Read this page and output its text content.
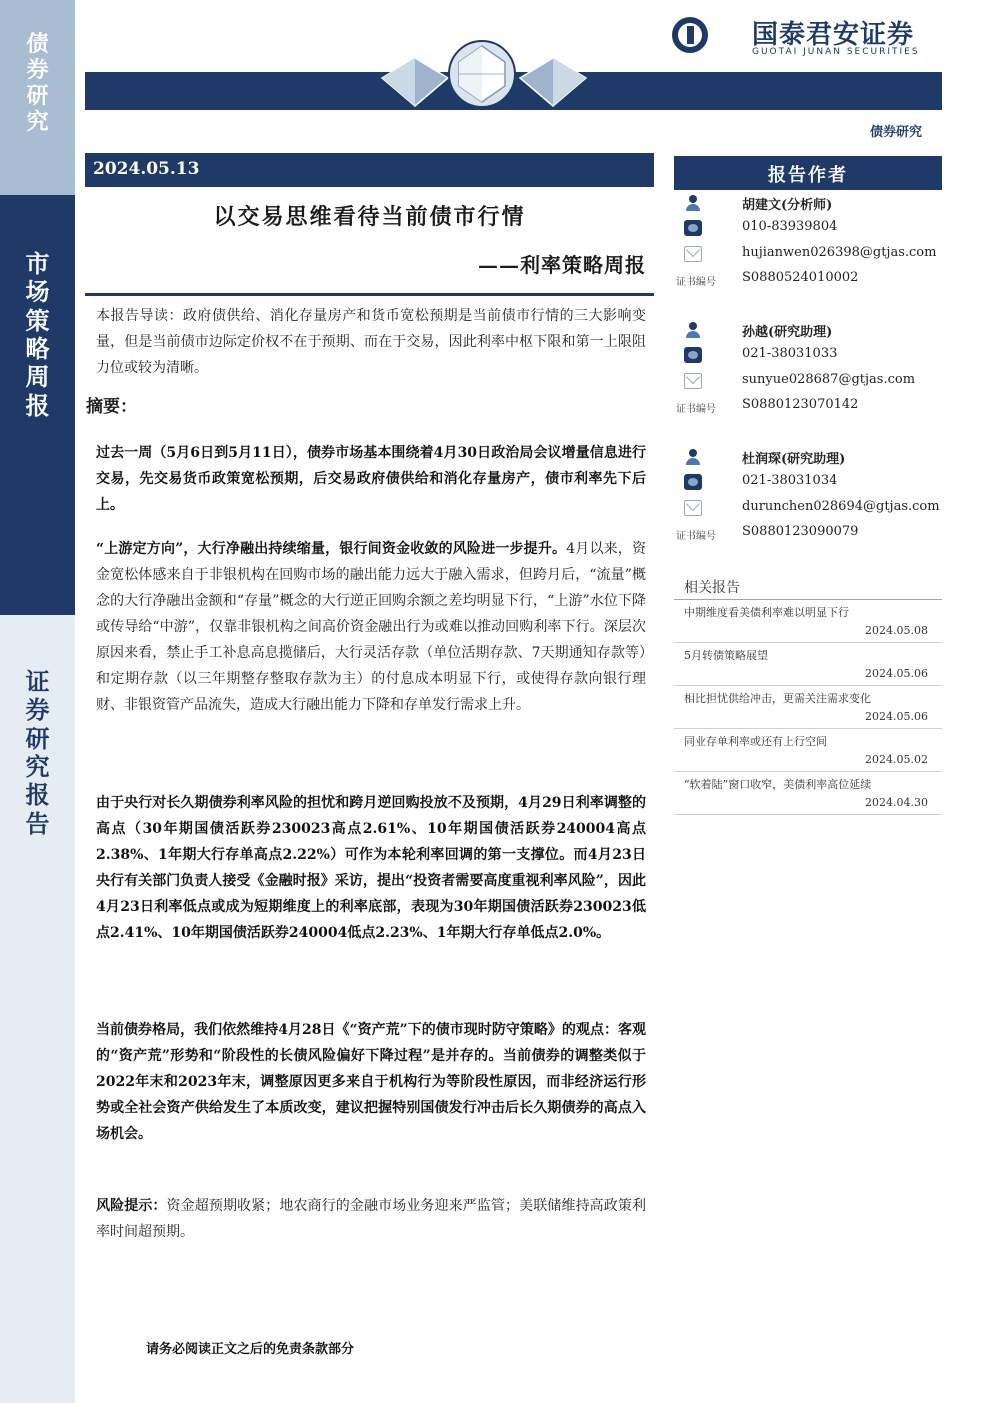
债
券
研
究
市
场
策
略
周
报
证
券
研
究
报
告
国泰君安证券
GUOTAI JUNAN SECURITIES
债券研究
2024.05.13
以交易思维看待当前债市行情
——利率策略周报
本报告导读：政府债供给、消化存量房产和货币宽松预期是当前债市行情的三大影响变量，但是当前债市边际定价权不在于预期、而在于交易，因此利率中枢下限和第一上限阻力位或较为清晰。
摘要：
过去一周（5月6日到5月11日），债券市场基本围绕着4月30日政治局会议增量信息进行交易，先交易货币政策宽松预期，后交易政府债供给和消化存量房产，债市利率先下后上。
“上游定方向”，大行净融出持续缩量，银行间资金收敛的风险进一步提升。4月以来，资金宽松体感来自于非银机构在回购市场的融出能力远大于融入需求，但跨月后，“流量”概念的大行净融出金额和“存量”概念的大行逆正回购余额之差均明显下行，“上游”水位下降或传导给“中游”，仅靠非银机构之间高价资金融出行为或难以推动回购利率下行。深层次原因来看，禁止手工补息高息揽储后，大行灵活存款（单位活期存款、7天期通知存款等）和定期存款（以三年期整存整取存款为主）的付息成本明显下行，或使得存款向银行理财、非银资管产品流失，造成大行融出能力下降和存单发行需求上升。
由于央行对长久期债券利率风险的担忧和跨月逆回购投放不及预期，4月29日利率调整的高点（30年期国债活跃券230023高点2.61%、10年期国债活跃券240004高点2.38%、1年期大行存单高点2.22%）可作为本轮利率回调的第一支撑位。而4月23日央行有关部门负责人接受《金融时报》采访，提出“投资者需要高度重视利率风险”，因此4月23日利率低点或成为短期维度上的利率底部，表现为30年期国债活跃券230023低点2.41%、10年期国债活跃券240004低点2.23%、1年期大行存单低点2.0%。
当前债券格局，我们依然维持4月28日《“资产荒”下的债市现时防守策略》的观点：客观的“资产荒”形势和“阶段性的长债风险偏好下降过程”是并存的。当前债券的调整类似于2022年末和2023年末，调整原因更多来自于机构行为等阶段性原因，而非经济运行形势或全社会资产供给发生了本质改变，建议把握特别国债发行冲击后长久期债券的高点入场机会。
风险提示：资金超预期收紧；地农商行的金融市场业务迎来严监管；美联储维持高政策利率时间超预期。
请务必阅读正文之后的免责条款部分
报告作者
胡建文(分析师)
010-83939804
hujianwen026398@gtjas.com
证书编号 S0880524010002
孙越(研究助理)
021-38031033
sunyue028687@gtjas.com
证书编号 S0880123070142
杜润琛(研究助理)
021-38031034
durunchen028694@gtjas.com
证书编号 S0880123090079
相关报告
中期维度看美债利率难以明显下行
2024.05.08
5月转债策略展望
2024.05.06
相比担忧供给冲击，更需关注需求变化
2024.05.06
同业存单利率或还有上行空间
2024.05.02
“软着陆”窗口收窄，美债利率高位延续
2024.04.30
